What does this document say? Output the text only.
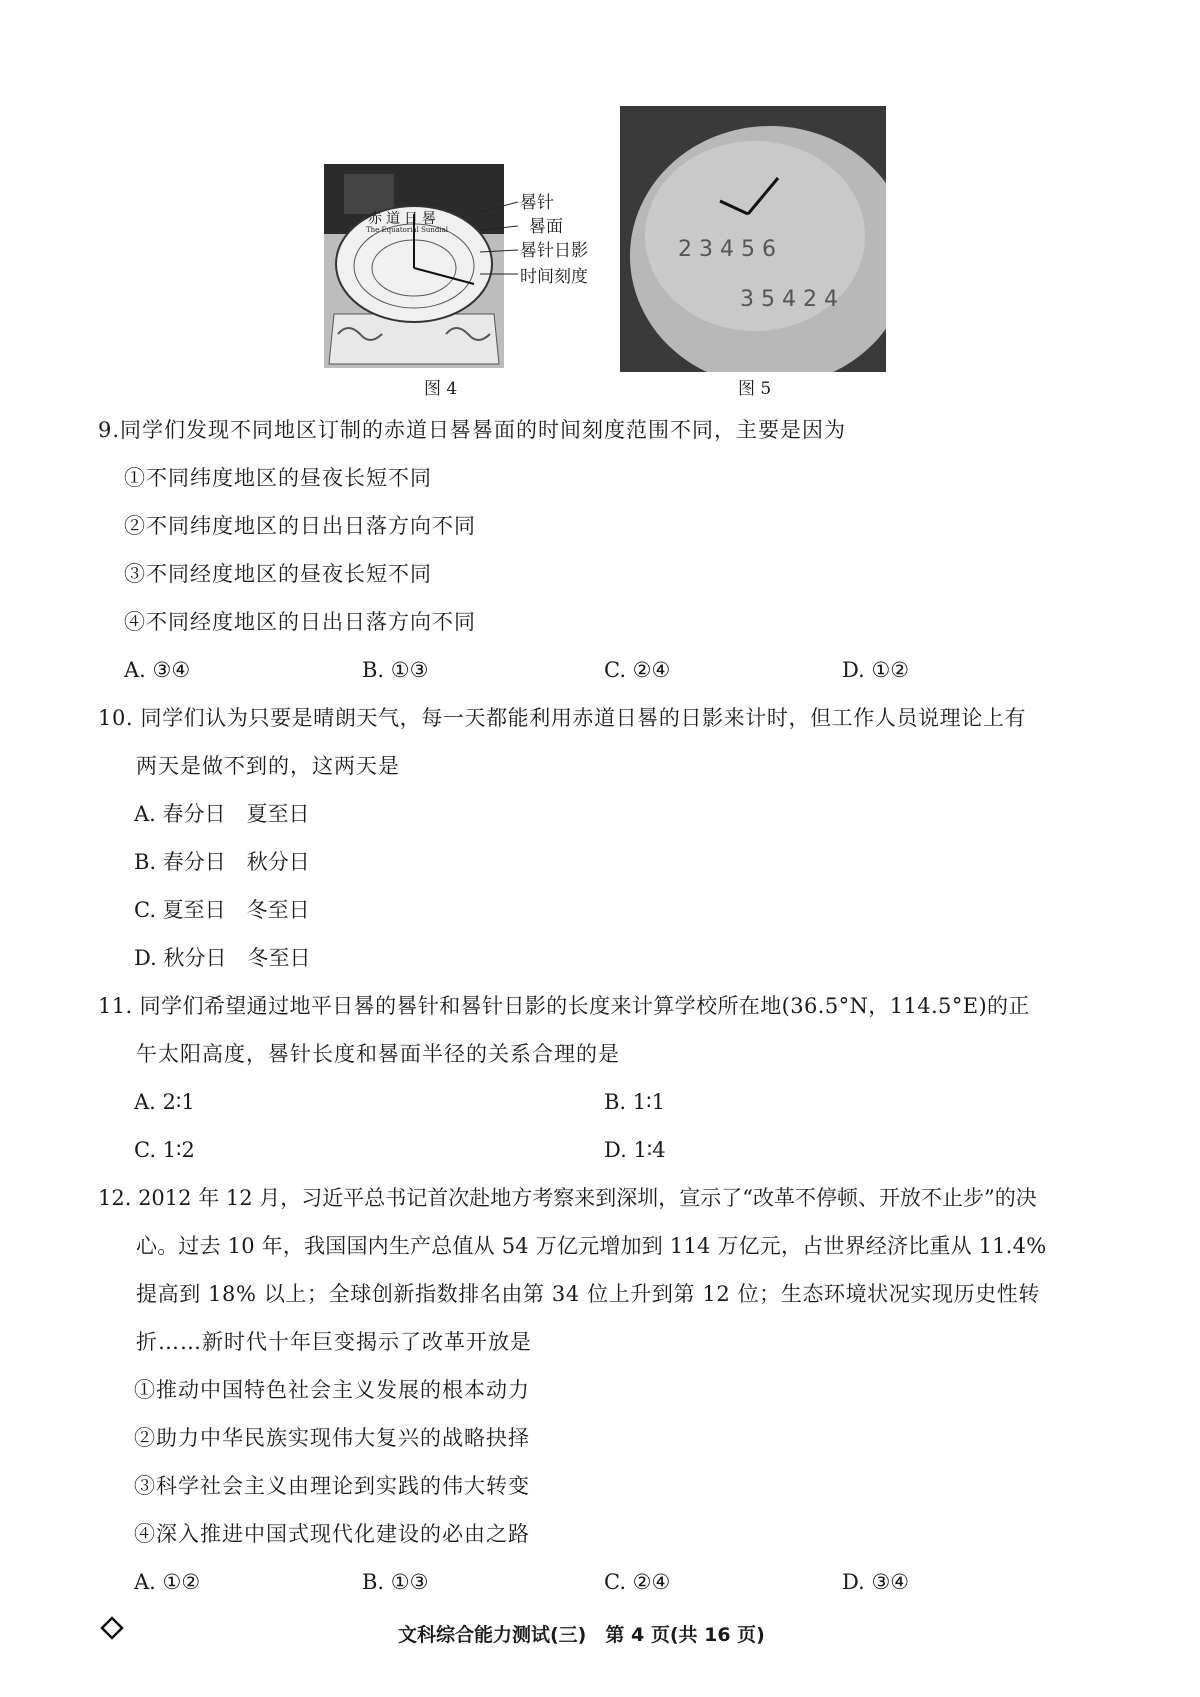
赤道日晷
The Equatorial Sundial
晷针
晷面
晷针日影
时间刻度
图 4
2 3 4 5 6
3 5 4 2 4
图 5
9.同学们发现不同地区订制的赤道日晷晷面的时间刻度范围不同，主要是因为
①不同纬度地区的昼夜长短不同
②不同纬度地区的日出日落方向不同
③不同经度地区的昼夜长短不同
④不同经度地区的日出日落方向不同
A. ③④	B. ①③	C. ②④	D. ①②
10. 同学们认为只要是晴朗天气，每一天都能利用赤道日晷的日影来计时，但工作人员说理论上有
两天是做不到的，这两天是
A. 春分日　夏至日
B. 春分日　秋分日
C. 夏至日　冬至日
D. 秋分日　冬至日
11. 同学们希望通过地平日晷的晷针和晷针日影的长度来计算学校所在地(36.5°N，114.5°E)的正
午太阳高度，晷针长度和晷面半径的关系合理的是
A. 2∶1	B. 1∶1
C. 1∶2	D. 1∶4
12. 2012 年 12 月，习近平总书记首次赴地方考察来到深圳，宣示了“改革不停顿、开放不止步”的决
心。过去 10 年，我国国内生产总值从 54 万亿元增加到 114 万亿元，占世界经济比重从 11.4%
提高到 18% 以上；全球创新指数排名由第 34 位上升到第 12 位；生态环境状况实现历史性转
折……新时代十年巨变揭示了改革开放是
①推动中国特色社会主义发展的根本动力
②助力中华民族实现伟大复兴的战略抉择
③科学社会主义由理论到实践的伟大转变
④深入推进中国式现代化建设的必由之路
A. ①②	B. ①③	C. ②④	D. ③④
文科综合能力测试(三)　第 4 页(共 16 页)
